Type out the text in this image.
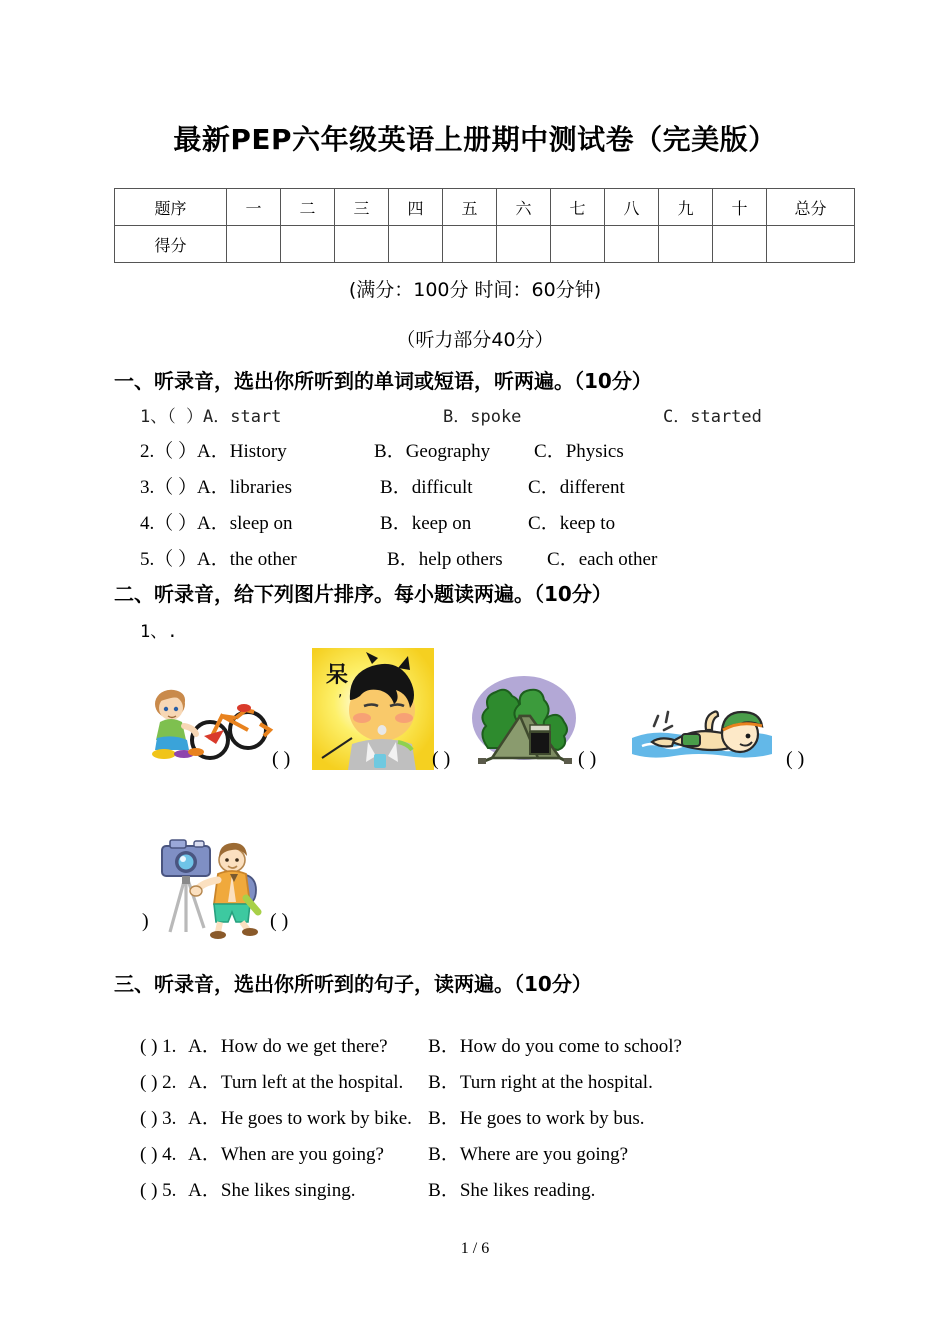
最新PEP六年级英语上册期中测试卷（完美版）
题序	一	二	三	四	五	六	七	八	九	十	总分
得分											
(满分：100分 时间：60分钟)
（听力部分40分）
一、听录音，选出你所听到的单词或短语，听两遍。（10分）
1、（ ）A．start	B．spoke	C．started
2.（ ）A．History	B．Geography C．Physics
3.（ ）A．libraries	B．difficult	C．different
4.（ ）A．sleep on	B．keep on	C．keep to
5.（ ）A．the other	B．help others C．each other
二、听录音，给下列图片排序。每小题读两遍。（10分）
1、.
( )
呆
,
( )	( )	( )
)	( )
三、听录音，选出你所听到的句子，读两遍。（10分）
( ) 1. A．How do we get there? B．How do you come to school?
( ) 2. A．Turn left at the hospital. B．Turn right at the hospital.
( ) 3. A．He goes to work by bike. B．He goes to work by bus.
( ) 4. A．When are you going? B．Where are you going?
( ) 5. A．She likes singing.	B．She likes reading.
1 / 6
